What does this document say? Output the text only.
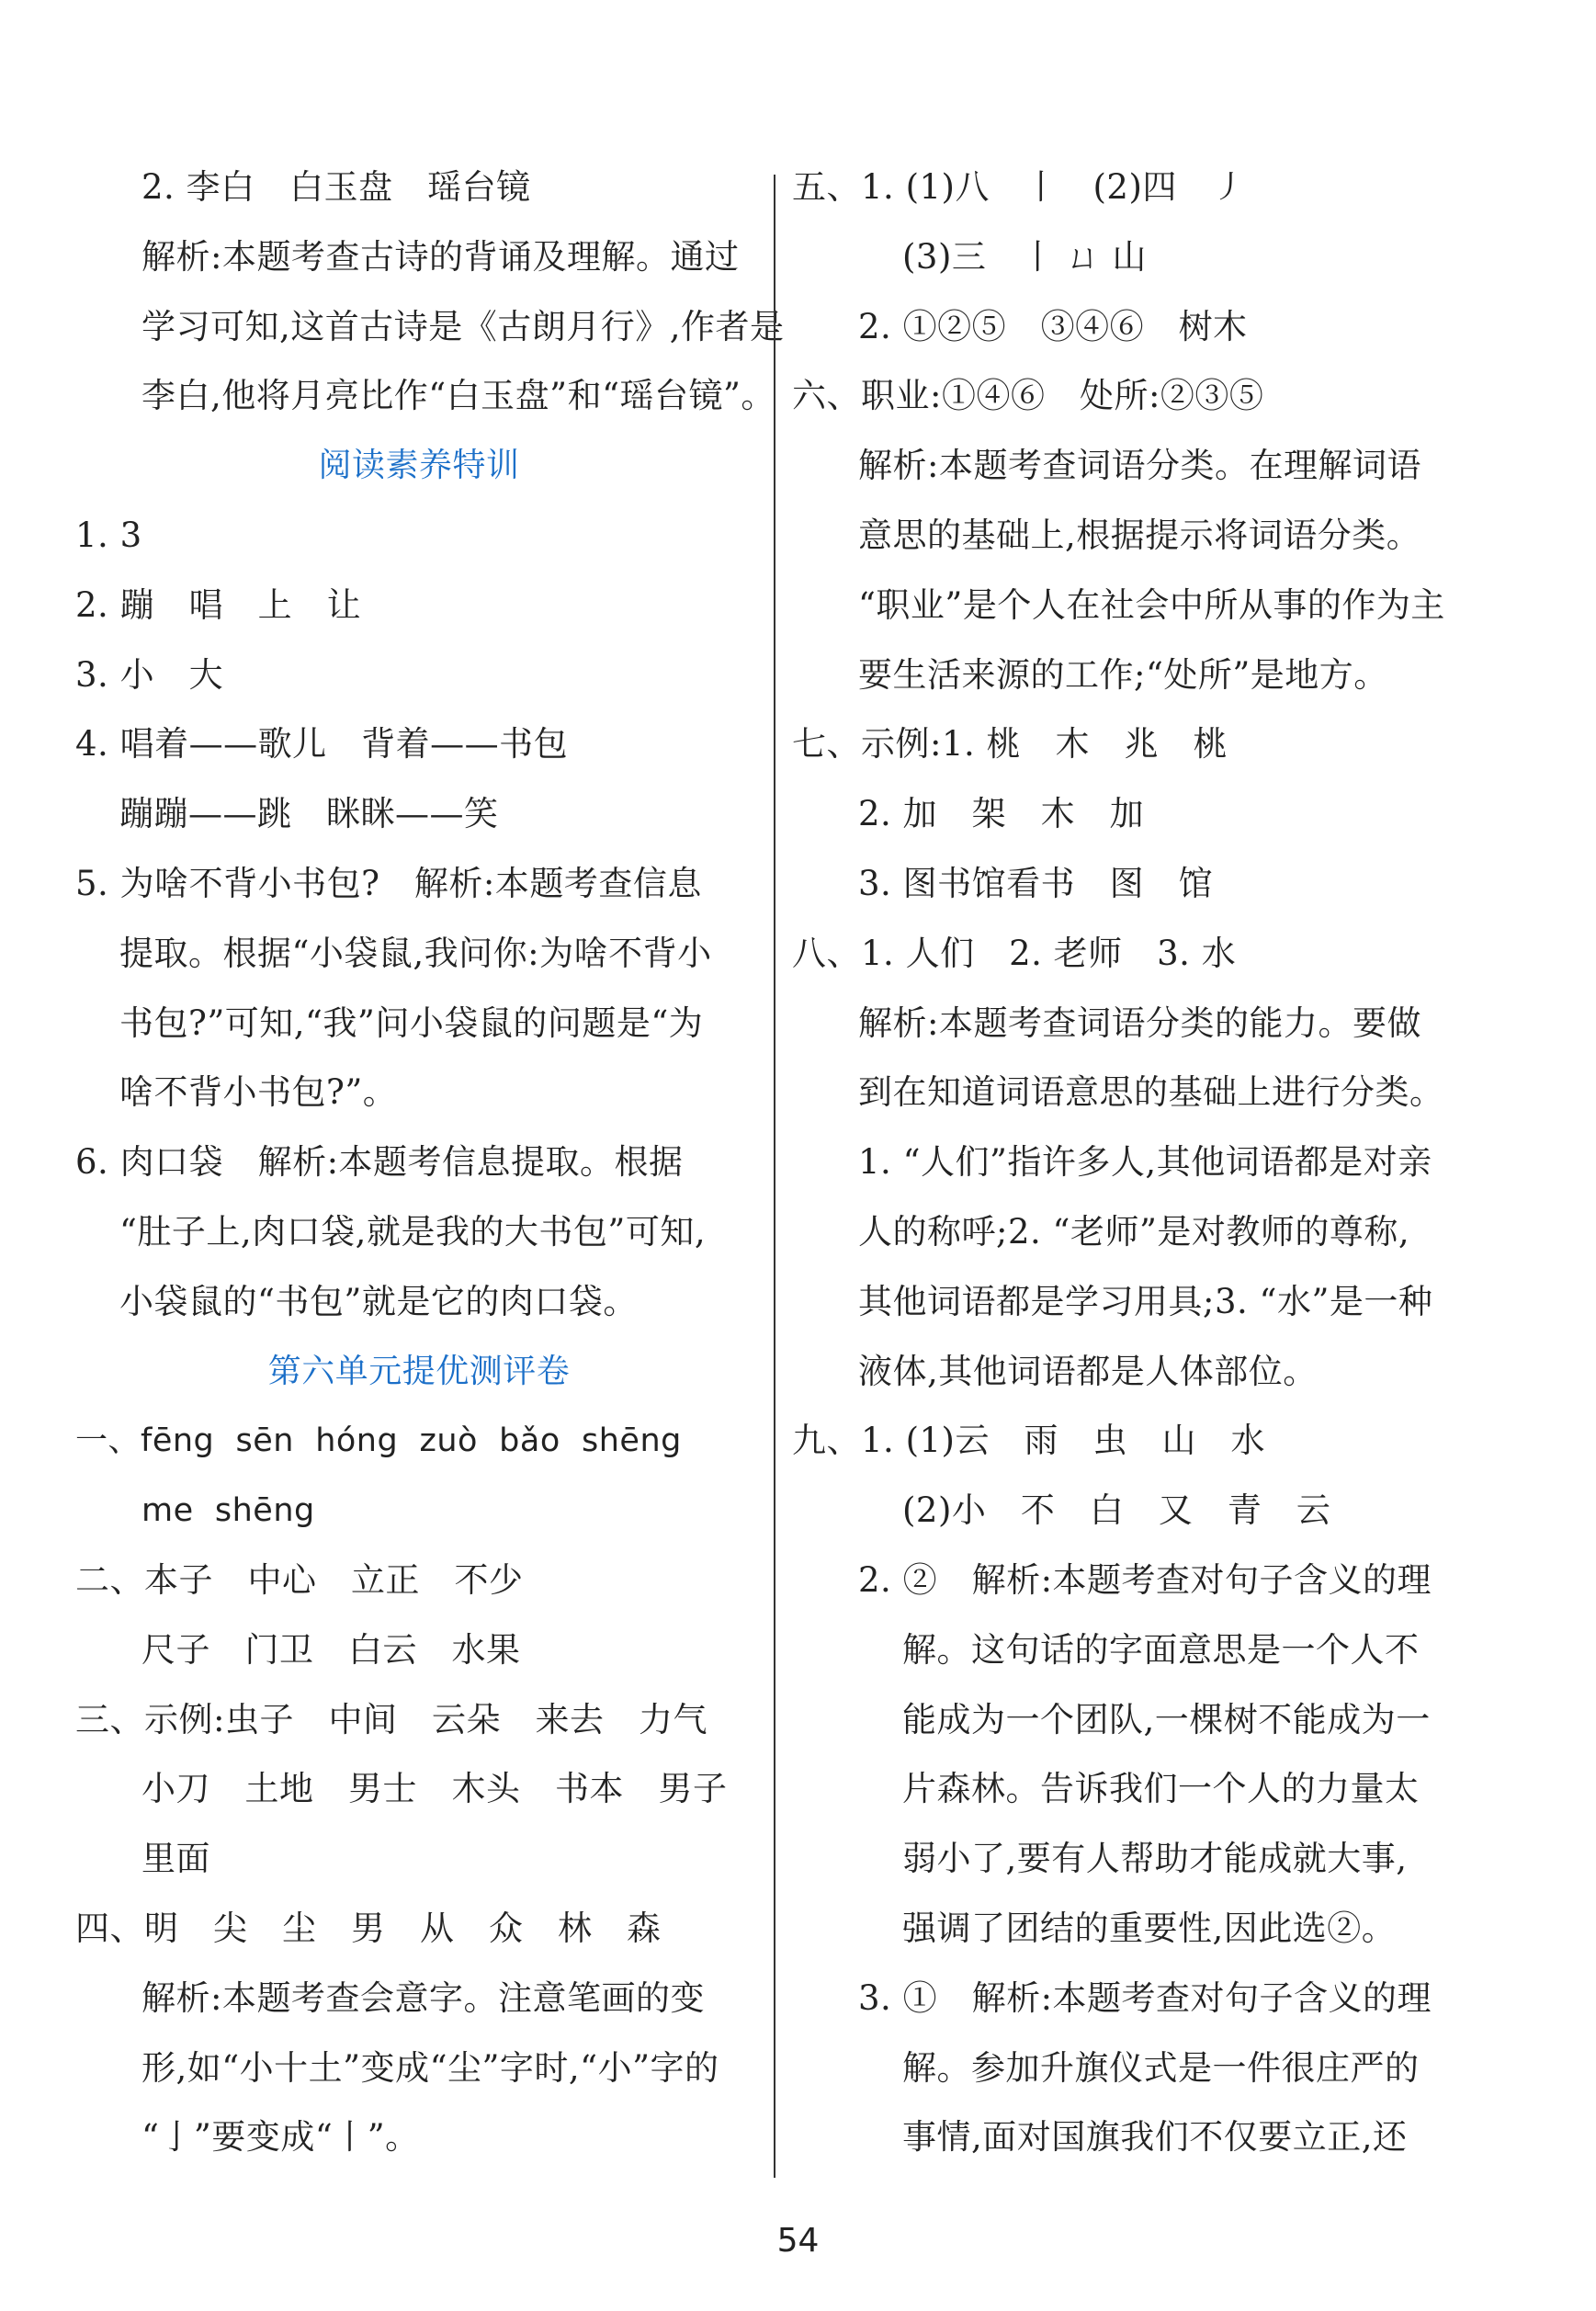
2. 李白　白玉盘　瑶台镜
解析:本题考查古诗的背诵及理解。通过
学习可知,这首古诗是《古朗月行》,作者是
李白,他将月亮比作“白玉盘”和“瑶台镜”。
阅读素养特训
1. 3
2. 蹦　唱　上　让
3. 小　大
4. 唱着——歌儿　背着——书包
蹦蹦——跳　眯眯——笑
5. 为啥不背小书包?　解析:本题考查信息
提取。根据“小袋鼠,我问你:为啥不背小
书包?”可知,“我”问小袋鼠的问题是“为
啥不背小书包?”。
6. 肉口袋　解析:本题考信息提取。根据
“肚子上,肉口袋,就是我的大书包”可知,
小袋鼠的“书包”就是它的肉口袋。
第六单元提优测评卷
一、fēng  sēn  hóng  zuò  bǎo  shēng
me  shēng
二、本子　中心　立正　不少
尺子　门卫　白云　水果
三、示例:虫子　中间　云朵　来去　力气
小刀　土地　男士　木头　书本　男子
里面
四、明　尖　尘　男　从　众　林　森
解析:本题考查会意字。注意笔画的变
形,如“小十土”变成“尘”字时,“小”字的
“亅”要变成“丨”。
五、1. (1)八　丨　(2)四　㇓
(3)三　丨 ㄩ 山
2. ①②⑤　③④⑥　树木
六、职业:①④⑥　处所:②③⑤
解析:本题考查词语分类。在理解词语
意思的基础上,根据提示将词语分类。
“职业”是个人在社会中所从事的作为主
要生活来源的工作;“处所”是地方。
七、示例:1. 桃　木　兆　桃
2. 加　架　木　加
3. 图书馆看书　图　馆
八、1. 人们　2. 老师　3. 水
解析:本题考查词语分类的能力。要做
到在知道词语意思的基础上进行分类。
1. “人们”指许多人,其他词语都是对亲
人的称呼;2. “老师”是对教师的尊称,
其他词语都是学习用具;3. “水”是一种
液体,其他词语都是人体部位。
九、1. (1)云　雨　虫　山　水
(2)小　不　白　又　青　云
2. ②　解析:本题考查对句子含义的理
解。这句话的字面意思是一个人不
能成为一个团队,一棵树不能成为一
片森林。告诉我们一个人的力量太
弱小了,要有人帮助才能成就大事,
强调了团结的重要性,因此选②。
3. ①　解析:本题考查对句子含义的理
解。参加升旗仪式是一件很庄严的
事情,面对国旗我们不仅要立正,还
54
